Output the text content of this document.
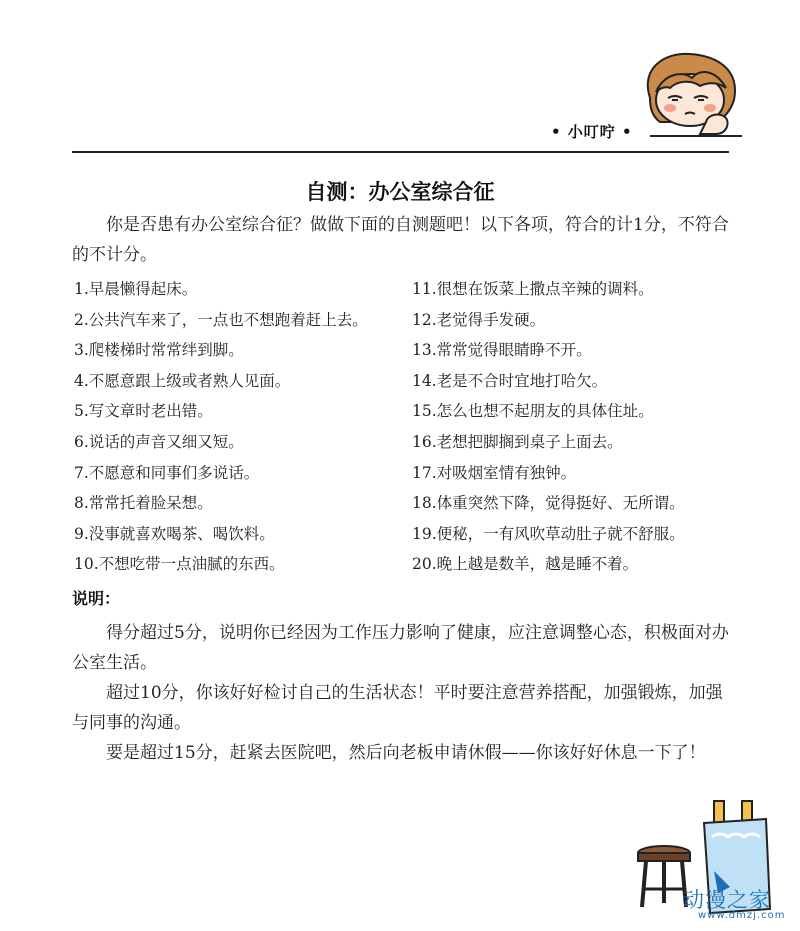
• 小叮咛 •
自测：办公室综合征
你是否患有办公室综合征？做做下面的自测题吧！以下各项，符合的计1分，不符合的不计分。
1.早晨懒得起床。
2.公共汽车来了，一点也不想跑着赶上去。
3.爬楼梯时常常绊到脚。
4.不愿意跟上级或者熟人见面。
5.写文章时老出错。
6.说话的声音又细又短。
7.不愿意和同事们多说话。
8.常常托着脸呆想。
9.没事就喜欢喝茶、喝饮料。
10.不想吃带一点油腻的东西。
11.很想在饭菜上撒点辛辣的调料。
12.老觉得手发硬。
13.常常觉得眼睛睁不开。
14.老是不合时宜地打哈欠。
15.怎么也想不起朋友的具体住址。
16.老想把脚搁到桌子上面去。
17.对吸烟室情有独钟。
18.体重突然下降，觉得挺好、无所谓。
19.便秘，一有风吹草动肚子就不舒服。
20.晚上越是数羊，越是睡不着。
说明：
得分超过5分，说明你已经因为工作压力影响了健康，应注意调整心态，积极面对办公室生活。
超过10分，你该好好检讨自己的生活状态！平时要注意营养搭配，加强锻炼，加强与同事的沟通。
要是超过15分，赶紧去医院吧，然后向老板申请休假——你该好好休息一下了！
动漫之家
www.dmzj.com
